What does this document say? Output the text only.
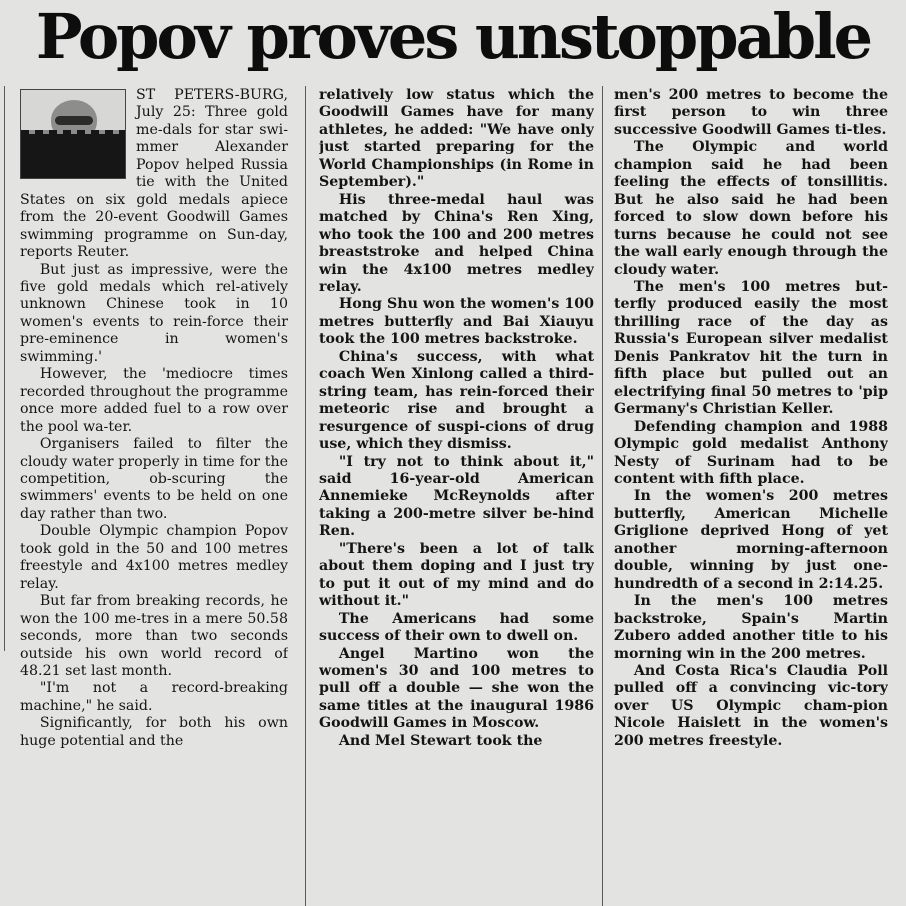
Popov proves unstoppable

ST PETERS-BURG, July 25: Three gold me-dals for star swi-mmer Alexander Popov helped Russia tie with the United States on six gold medals apiece from the 20-event Goodwill Games swimming programme on Sun-day, reports Reuter.

But just as impressive, were the five gold medals which rel-atively unknown Chinese took in 10 women's events to rein-force their pre-eminence in women's swimming.'

However, the 'mediocre times recorded throughout the programme once more added fuel to a row over the pool wa-ter.

Organisers failed to filter the cloudy water properly in time for the competition, ob-scuring the swimmers' events to be held on one day rather than two.

Double Olympic champion Popov took gold in the 50 and 100 metres freestyle and 4x100 metres medley relay.

But far from breaking records, he won the 100 me-tres in a mere 50.58 seconds, more than two seconds outside his own world record of 48.21 set last month.

"I'm not a record-breaking machine," he said.

Significantly, for both his own huge potential and the

relatively low status which the Goodwill Games have for many athletes, he added: "We have only just started preparing for the World Championships (in Rome in September)."

His three-medal haul was matched by China's Ren Xing, who took the 100 and 200 metres breaststroke and helped China win the 4x100 metres medley relay.

Hong Shu won the women's 100 metres butterfly and Bai Xiauyu took the 100 metres backstroke.

China's success, with what coach Wen Xinlong called a third-string team, has rein-forced their meteoric rise and brought a resurgence of suspi-cions of drug use, which they dismiss.

"I try not to think about it," said 16-year-old American Annemieke McReynolds after taking a 200-metre silver be-hind Ren.

"There's been a lot of talk about them doping and I just try to put it out of my mind and do without it."

The Americans had some success of their own to dwell on.

Angel Martino won the women's 30 and 100 metres to pull off a double — she won the same titles at the inaugural 1986 Goodwill Games in Moscow.

And Mel Stewart took the

men's 200 metres to become the first person to win three successive Goodwill Games ti-tles.

The Olympic and world champion said he had been feeling the effects of tonsillitis. But he also said he had been forced to slow down before his turns because he could not see the wall early enough through the cloudy water.

The men's 100 metres but-terfly produced easily the most thrilling race of the day as Russia's European silver medalist Denis Pankratov hit the turn in fifth place but pulled out an electrifying final 50 metres to 'pip Germany's Christian Keller.

Defending champion and 1988 Olympic gold medalist Anthony Nesty of Surinam had to be content with fifth place.

In the women's 200 metres butterfly, American Michelle Griglione deprived Hong of yet another morning-afternoon double, winning by just one-hundredth of a second in 2:14.25.

In the men's 100 metres backstroke, Spain's Martin Zubero added another title to his morning win in the 200 metres.

And Costa Rica's Claudia Poll pulled off a convincing vic-tory over US Olympic cham-pion Nicole Haislett in the women's 200 metres freestyle.
